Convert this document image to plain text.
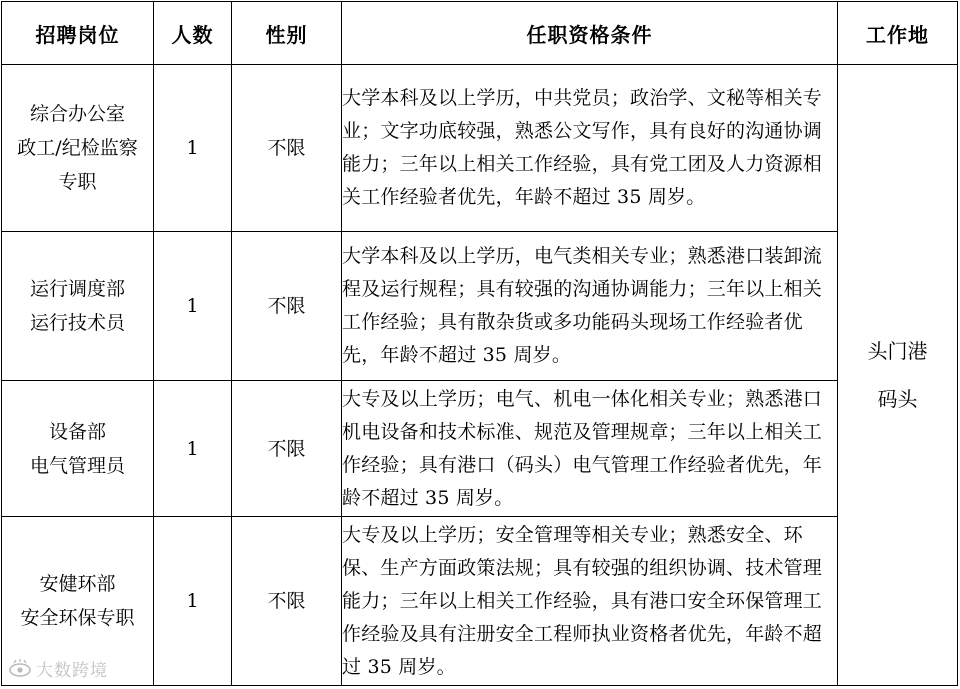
招聘岗位	人数	性别	任职资格条件	工作地

综合办公室
政工/纪检监察
专职	1	不限	大学本科及以上学历，中共党员；政治学、文秘等相关专业；文字功底较强，熟悉公文写作，具有良好的沟通协调能力；三年以上相关工作经验，具有党工团及人力资源相关工作经验者优先，年龄不超过 35 周岁。	头门港
码头

运行调度部
运行技术员	1	不限	大学本科及以上学历，电气类相关专业；熟悉港口装卸流程及运行规程；具有较强的沟通协调能力；三年以上相关工作经验；具有散杂货或多功能码头现场工作经验者优先，年龄不超过 35 周岁。	

设备部
电气管理员	1	不限	大专及以上学历；电气、机电一体化相关专业；熟悉港口机电设备和技术标准、规范及管理规章；三年以上相关工作经验；具有港口（码头）电气管理工作经验者优先，年龄不超过 35 周岁。	

安健环部
安全环保专职	1	不限	大专及以上学历；安全管理等相关专业；熟悉安全、环保、生产方面政策法规；具有较强的组织协调、技术管理能力；三年以上相关工作经验，具有港口安全环保管理工作经验及具有注册安全工程师执业资格者优先，年龄不超过 35 周岁。	
大数跨境
